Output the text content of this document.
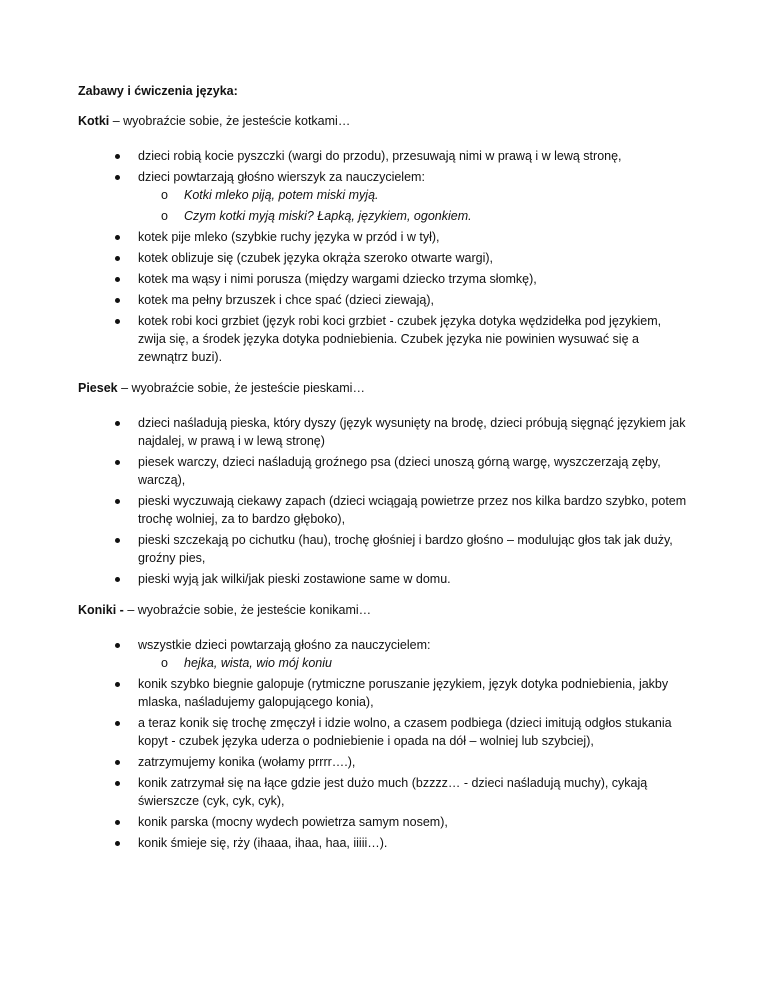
Zabawy i ćwiczenia języka:

Kotki – wyobraźcie sobie, że jesteście kotkami…

dzieci robią kocie pyszczki (wargi do przodu), przesuwają nimi w prawą i w lewą stronę,
dzieci powtarzają głośno wierszyk za nauczycielem:
o Kotki mleko piją, potem miski myją.
o Czym kotki myją miski? Łapką, językiem, ogonkiem.
kotek pije mleko (szybkie ruchy języka w przód i w tył),
kotek oblizuje się (czubek języka okrąża szeroko otwarte wargi),
kotek ma wąsy i nimi porusza (między wargami dziecko trzyma słomkę),
kotek ma pełny brzuszek i chce spać (dzieci ziewają),
kotek robi koci grzbiet (język robi koci grzbiet - czubek języka dotyka wędzidełka pod językiem, zwija się, a środek języka dotyka podniebienia. Czubek języka nie powinien wysuwać się a zewnątrz buzi).

Piesek – wyobraźcie sobie, że jesteście pieskami…

dzieci naśladują pieska, który dyszy (język wysunięty na brodę, dzieci próbują sięgnąć językiem jak najdalej, w prawą i w lewą stronę)
piesek warczy, dzieci naśladują groźnego psa (dzieci unoszą górną wargę, wyszczerzają zęby, warczą),
pieski wyczuwają ciekawy zapach (dzieci wciągają powietrze przez nos kilka bardzo szybko, potem trochę wolniej, za to bardzo głęboko),
pieski szczekają po cichutku (hau), trochę głośniej i bardzo głośno – modulując głos tak jak duży, groźny pies,
pieski wyją jak wilki/jak pieski zostawione same w domu.

Koniki - – wyobraźcie sobie, że jesteście konikami…

wszystkie dzieci powtarzają głośno za nauczycielem:
o hejka, wista, wio mój koniu
konik szybko biegnie galopuje (rytmiczne poruszanie językiem, język dotyka podniebienia, jakby mlaska, naśladujemy galopującego konia),
a teraz konik się trochę zmęczył i idzie wolno, a czasem podbiega (dzieci imitują odgłos stukania kopyt - czubek języka uderza o podniebienie i opada na dół – wolniej lub szybciej),
zatrzymujemy konika (wołamy prrrr….),
konik zatrzymał się na łące gdzie jest dużo much (bzzzz… - dzieci naśladują muchy), cykają świerszcze (cyk, cyk, cyk),
konik parska (mocny wydech powietrza samym nosem),
konik śmieje się, rży (ihaaa, ihaa, haa, iiiii…).
